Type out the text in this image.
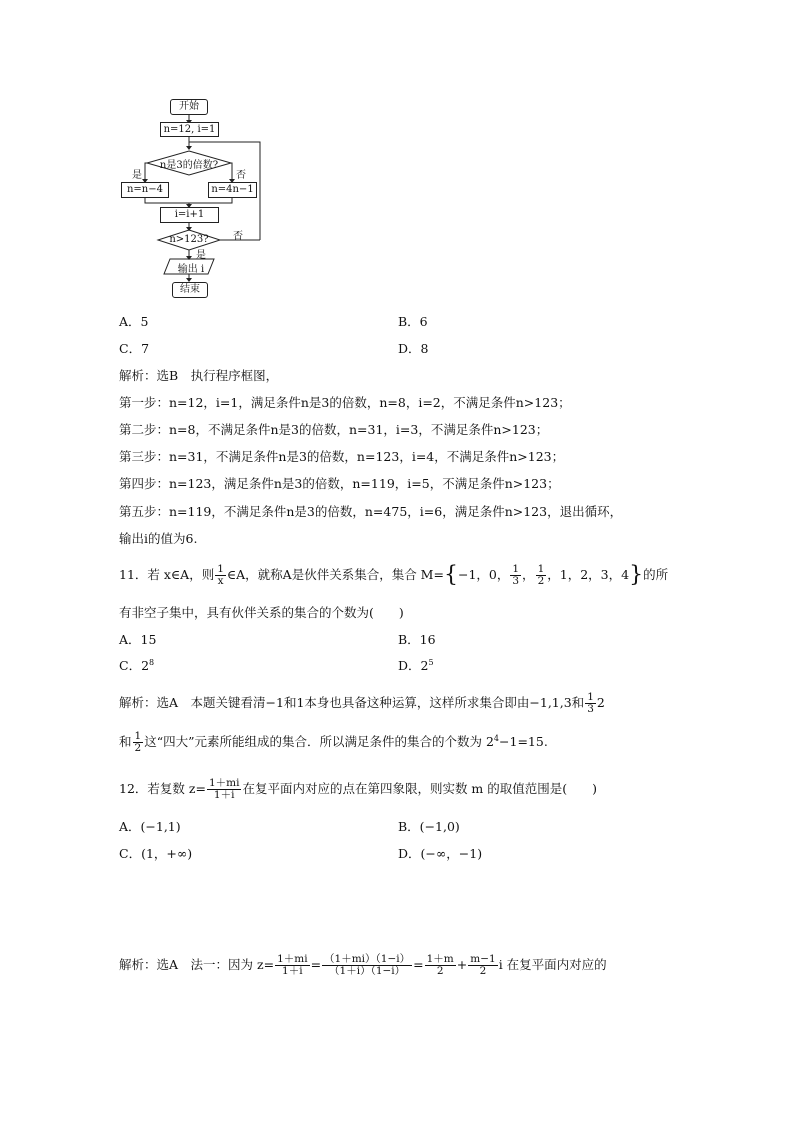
开始
n=12, i=1
n是3的倍数?
是	否
n=n−4	n=4n−1
i=i+1
n>123?	否
是
输出 i
结束
A．5	B．6
C．7	D．8
解析：选B　执行程序框图，
第一步：n=12，i=1，满足条件n是3的倍数，n=8，i=2，不满足条件n>123；
第二步：n=8，不满足条件n是3的倍数，n=31，i=3，不满足条件n>123；
第三步：n=31，不满足条件n是3的倍数，n=123，i=4，不满足条件n>123；
第四步：n=123，满足条件n是3的倍数，n=119，i=5，不满足条件n>123；
第五步：n=119，不满足条件n是3的倍数，n=475，i=6，满足条件n>123，退出循环，
输出i的值为6.
11．若 x∈A，则 $\frac{1}{x}$ ∈A，就称A是伙伴关系集合，集合 M={−1，0， $\frac{1}{3}$ ， $\frac{1}{2}$ ，1，2，3，4}的所
有非空子集中，具有伙伴关系的集合的个数为(　　)
A．15	B．16
C．$2^8$	D．$2^5$
解析：选A　本题关键看清−1和1本身也具备这种运算，这样所求集合即由−1,1,3和 $\frac{1}{3} 2$
和 $\frac{1}{2}$ 这“四大”元素所能组成的集合．所以满足条件的集合的个数为 $2^4-1=15$.
12．若复数 $z= \frac{1+mi}{1+i}$ 在复平面内对应的点在第四象限，则实数 m 的取值范围是(　　)
A．(−1,1)	B．(−1,0)
C．(1，+∞)	D．(−∞，−1)
解析：选A　法一：因为 $z= \frac{1+mi}{1+i} = \frac{(1+mi)(1-i)}{(1+i)(1-i)} = \frac{1+m}{2} + \frac{m-1}{2}$ i 在复平面内对应的
